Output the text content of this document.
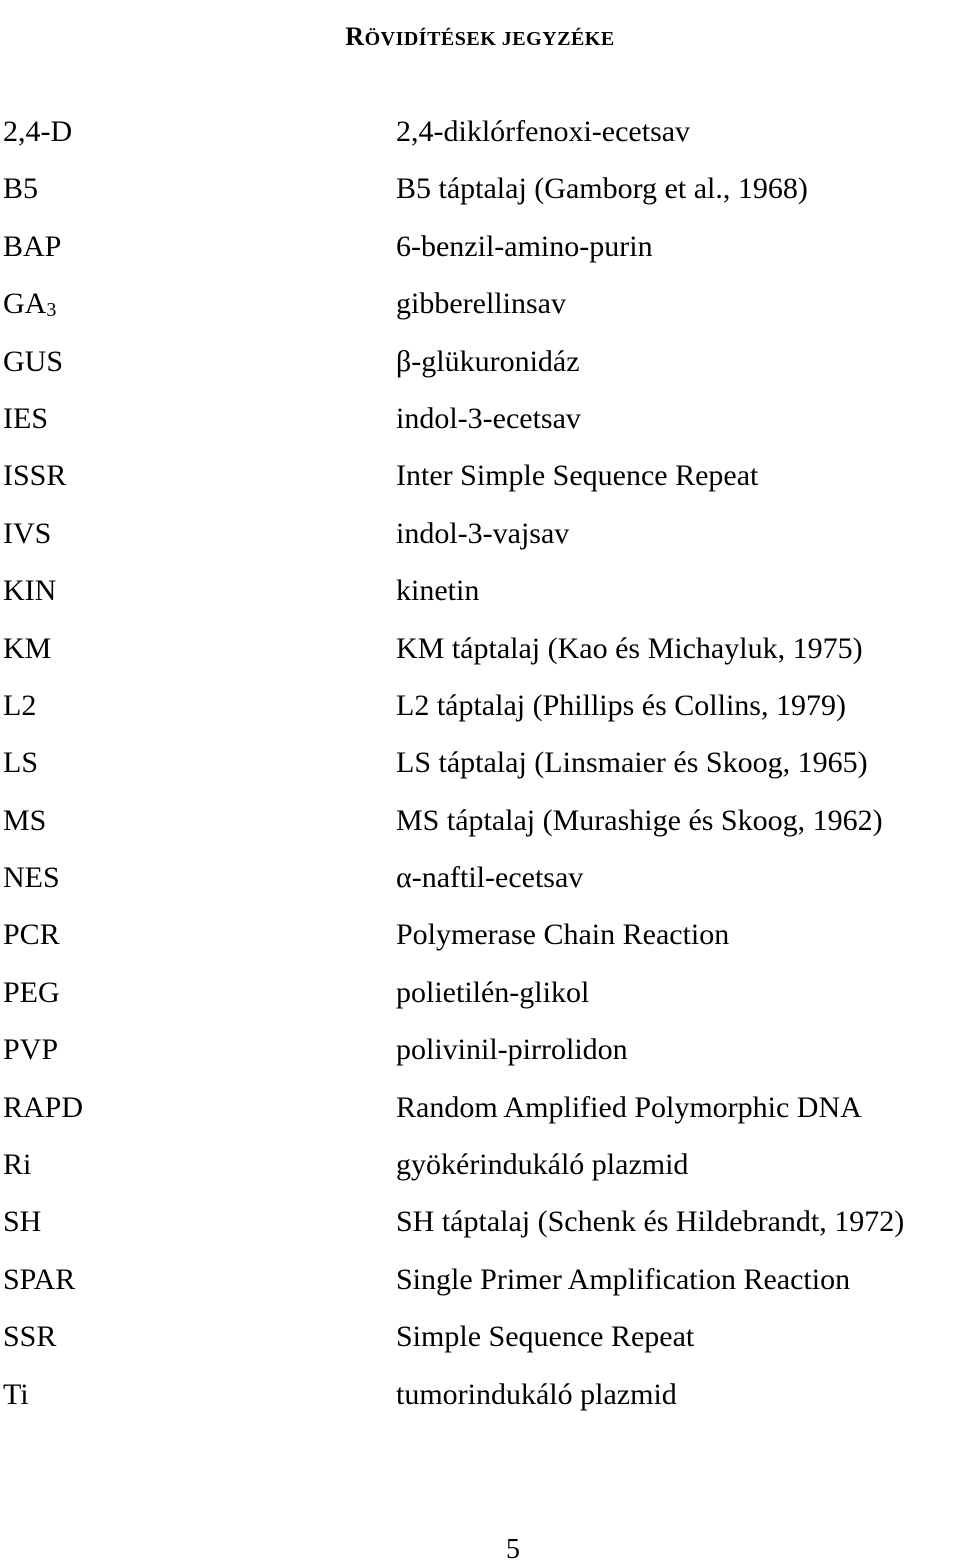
RÖVIDÍTÉSEK JEGYZÉKE
2,4-D	2,4-diklórfenoxi-ecetsav
B5	B5 táptalaj (Gamborg et al., 1968)
BAP	6-benzil-amino-purin
$GA_3$	gibberellinsav
GUS	β-glükuronidáz
IES	indol-3-ecetsav
ISSR	Inter Simple Sequence Repeat
IVS	indol-3-vajsav
KIN	kinetin
KM	KM táptalaj (Kao és Michayluk, 1975)
L2	L2 táptalaj (Phillips és Collins, 1979)
LS	LS táptalaj (Linsmaier és Skoog, 1965)
MS	MS táptalaj (Murashige és Skoog, 1962)
NES	α-naftil-ecetsav
PCR	Polymerase Chain Reaction
PEG	polietilén-glikol
PVP	polivinil-pirrolidon
RAPD	Random Amplified Polymorphic DNA
Ri	gyökérindukáló plazmid
SH	SH táptalaj (Schenk és Hildebrandt, 1972)
SPAR	Single Primer Amplification Reaction
SSR	Simple Sequence Repeat
Ti	tumorindukáló plazmid
5
